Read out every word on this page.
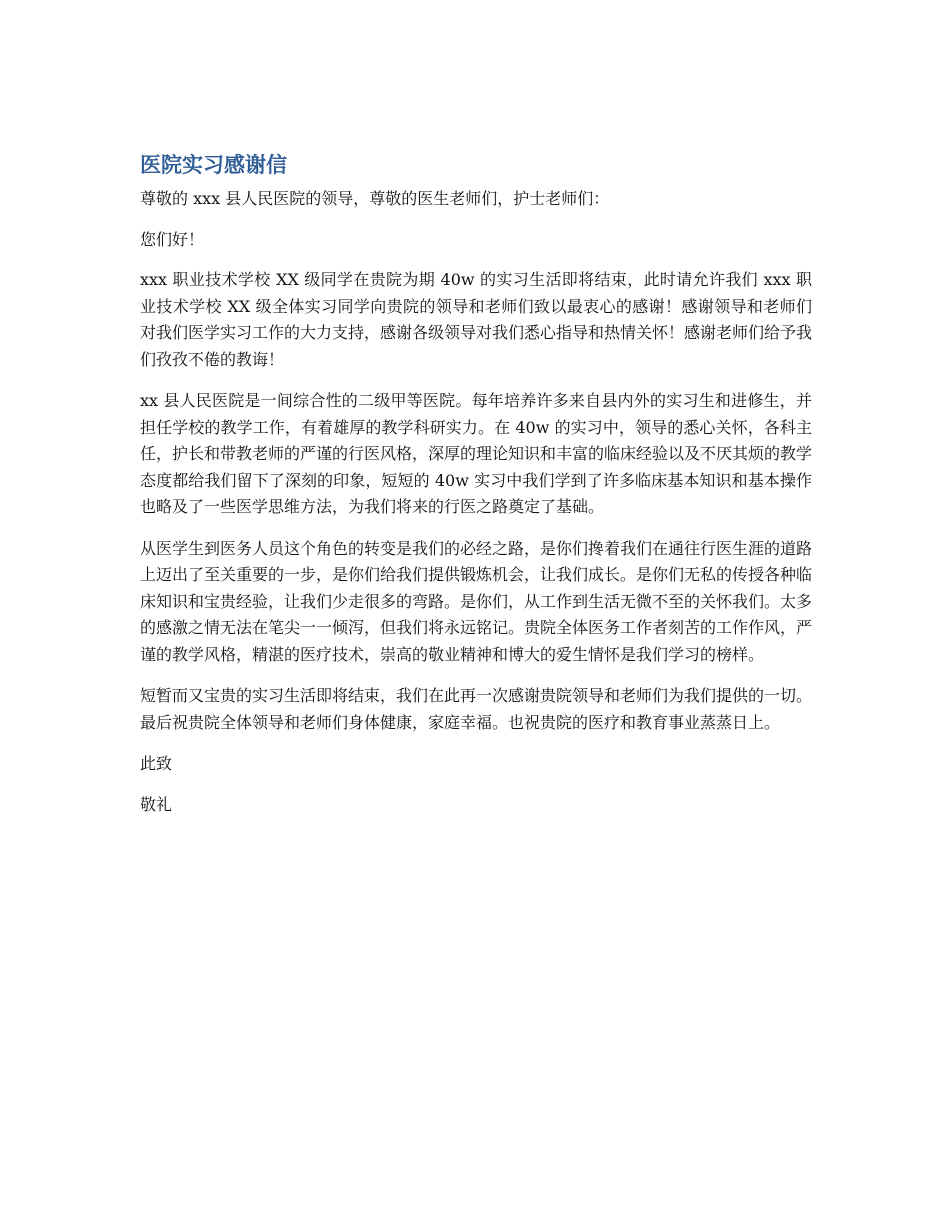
医院实习感谢信

尊敬的 xxx 县人民医院的领导，尊敬的医生老师们，护士老师们：

您们好！

xxx 职业技术学校 XX 级同学在贵院为期 40w 的实习生活即将结束，此时请允许我们 xxx 职业技术学校 XX 级全体实习同学向贵院的领导和老师们致以最衷心的感谢！感谢领导和老师们对我们医学实习工作的大力支持，感谢各级领导对我们悉心指导和热情关怀！感谢老师们给予我们孜孜不倦的教诲！

xx 县人民医院是一间综合性的二级甲等医院。每年培养许多来自县内外的实习生和进修生，并担任学校的教学工作，有着雄厚的教学科研实力。在 40w 的实习中，领导的悉心关怀，各科主任，护长和带教老师的严谨的行医风格，深厚的理论知识和丰富的临床经验以及不厌其烦的教学态度都给我们留下了深刻的印象，短短的 40w 实习中我们学到了许多临床基本知识和基本操作也略及了一些医学思维方法，为我们将来的行医之路奠定了基础。

从医学生到医务人员这个角色的转变是我们的必经之路，是你们搀着我们在通往行医生涯的道路上迈出了至关重要的一步，是你们给我们提供锻炼机会，让我们成长。是你们无私的传授各种临床知识和宝贵经验，让我们少走很多的弯路。是你们，从工作到生活无微不至的关怀我们。太多的感激之情无法在笔尖一一倾泻，但我们将永远铭记。贵院全体医务工作者刻苦的工作作风，严谨的教学风格，精湛的医疗技术，崇高的敬业精神和博大的爱生情怀是我们学习的榜样。

短暂而又宝贵的实习生活即将结束，我们在此再一次感谢贵院领导和老师们为我们提供的一切。最后祝贵院全体领导和老师们身体健康，家庭幸福。也祝贵院的医疗和教育事业蒸蒸日上。

此致

敬礼
